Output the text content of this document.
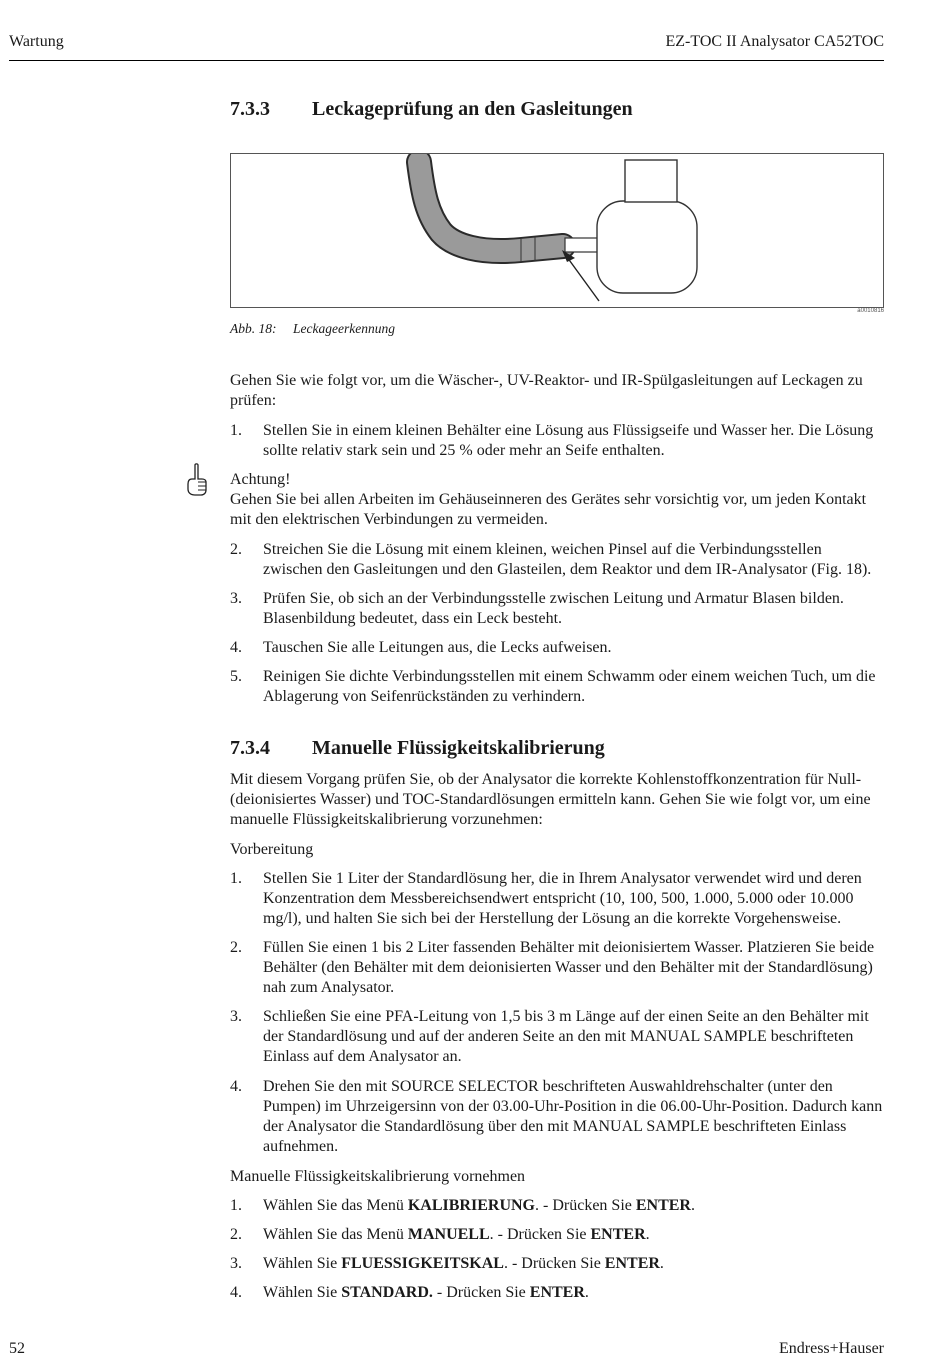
Wartung	EZ-TOC II Analysator CA52TOC
7.3.3 Leckageprüfung an den Gasleitungen
a0010816
Abb. 18: Leckageerkennung
Gehen Sie wie folgt vor, um die Wäscher-, UV-Reaktor- und IR-Spülgasleitungen auf Leckagen zu prüfen:
1. Stellen Sie in einem kleinen Behälter eine Lösung aus Flüssigseife und Wasser her. Die Lösung sollte relativ stark sein und 25 % oder mehr an Seife enthalten.
Achtung!
Gehen Sie bei allen Arbeiten im Gehäuseinneren des Gerätes sehr vorsichtig vor, um jeden Kontakt mit den elektrischen Verbindungen zu vermeiden.
2. Streichen Sie die Lösung mit einem kleinen, weichen Pinsel auf die Verbindungsstellen zwischen den Gasleitungen und den Glasteilen, dem Reaktor und dem IR-Analysator (Fig. 18).
3. Prüfen Sie, ob sich an der Verbindungsstelle zwischen Leitung und Armatur Blasen bilden. Blasenbildung bedeutet, dass ein Leck besteht.
4. Tauschen Sie alle Leitungen aus, die Lecks aufweisen.
5. Reinigen Sie dichte Verbindungsstellen mit einem Schwamm oder einem weichen Tuch, um die Ablagerung von Seifenrückständen zu verhindern.
7.3.4 Manuelle Flüssigkeitskalibrierung
Mit diesem Vorgang prüfen Sie, ob der Analysator die korrekte Kohlenstoffkonzentration für Null- (deionisiertes Wasser) und TOC-Standardlösungen ermitteln kann. Gehen Sie wie folgt vor, um eine manuelle Flüssigkeitskalibrierung vorzunehmen:
Vorbereitung
1. Stellen Sie 1 Liter der Standardlösung her, die in Ihrem Analysator verwendet wird und deren Konzentration dem Messbereichsendwert entspricht (10, 100, 500, 1.000, 5.000 oder 10.000 mg/l), und halten Sie sich bei der Herstellung der Lösung an die korrekte Vorgehensweise.
2. Füllen Sie einen 1 bis 2 Liter fassenden Behälter mit deionisiertem Wasser. Platzieren Sie beide Behälter (den Behälter mit dem deionisierten Wasser und den Behälter mit der Standardlösung) nah zum Analysator.
3. Schließen Sie eine PFA-Leitung von 1,5 bis 3 m Länge auf der einen Seite an den Behälter mit der Standardlösung und auf der anderen Seite an den mit MANUAL SAMPLE beschrifteten Einlass auf dem Analysator an.
4. Drehen Sie den mit SOURCE SELECTOR beschrifteten Auswahldrehschalter (unter den Pumpen) im Uhrzeigersinn von der 03.00-Uhr-Position in die 06.00-Uhr-Position. Dadurch kann der Analysator die Standardlösung über den mit MANUAL SAMPLE beschrifteten Einlass aufnehmen.
Manuelle Flüssigkeitskalibrierung vornehmen
1. Wählen Sie das Menü KALIBRIERUNG. - Drücken Sie ENTER.
2. Wählen Sie das Menü MANUELL. - Drücken Sie ENTER.
3. Wählen Sie FLUESSIGKEITSKAL. - Drücken Sie ENTER.
4. Wählen Sie STANDARD. - Drücken Sie ENTER.
52	Endress+Hauser
